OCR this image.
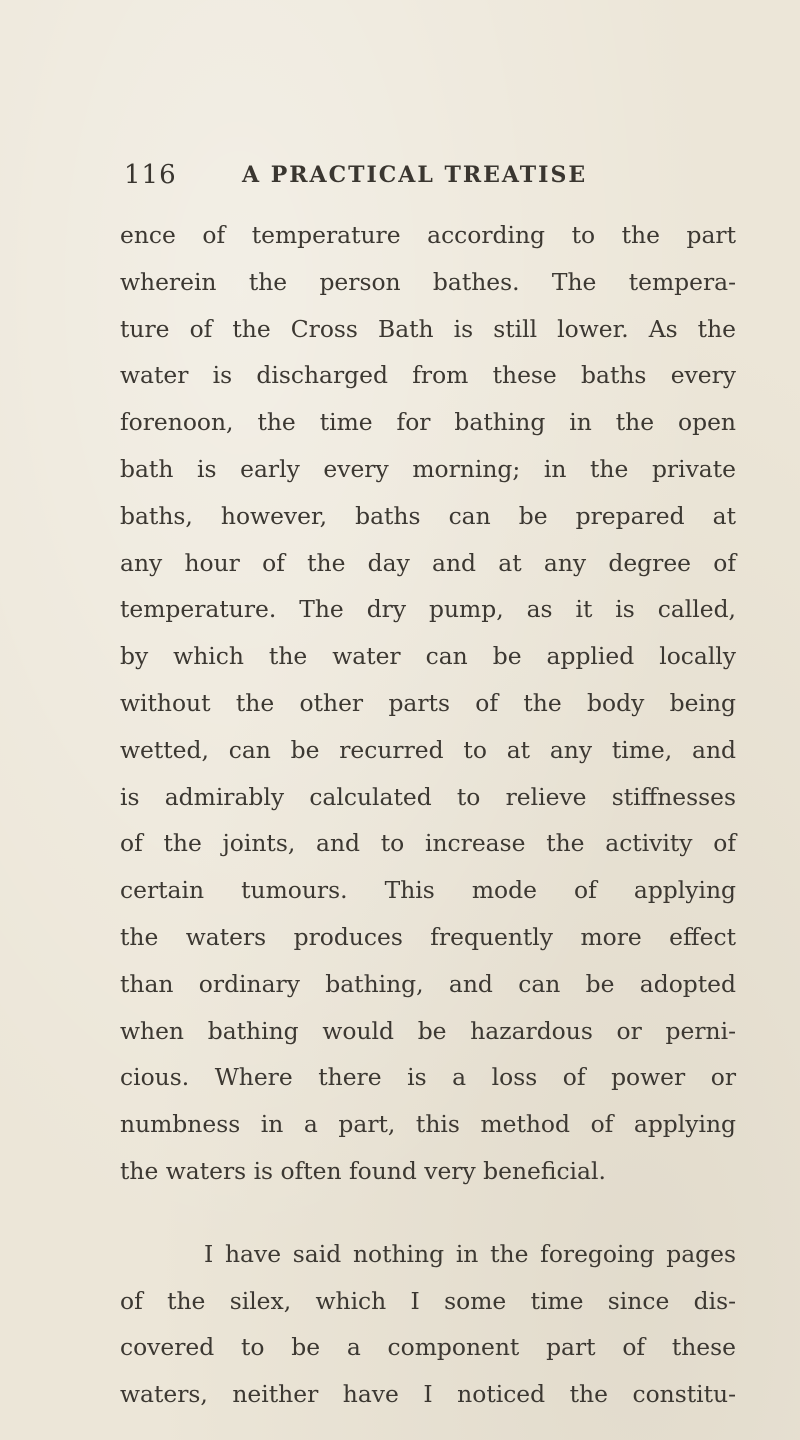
116	A PRACTICAL TREATISE
ence of temperature according to the part
wherein the person bathes. The tempera-
ture of the Cross Bath is still lower. As the
water is discharged from these baths every
forenoon, the time for bathing in the open
bath is early every morning; in the private
baths, however, baths can be prepared at
any hour of the day and at any degree of
temperature. The dry pump, as it is called,
by which the water can be applied locally
without the other parts of the body being
wetted, can be recurred to at any time, and
is admirably calculated to relieve stiffnesses
of the joints, and to increase the activity of
certain tumours. This mode of applying
the waters produces frequently more effect
than ordinary bathing, and can be adopted
when bathing would be hazardous or perni-
cious. Where there is a loss of power or
numbness in a part, this method of applying
the waters is often found very beneficial.
I have said nothing in the foregoing pages
of the silex, which I some time since dis-
covered to be a component part of these
waters, neither have I noticed the constitu-
